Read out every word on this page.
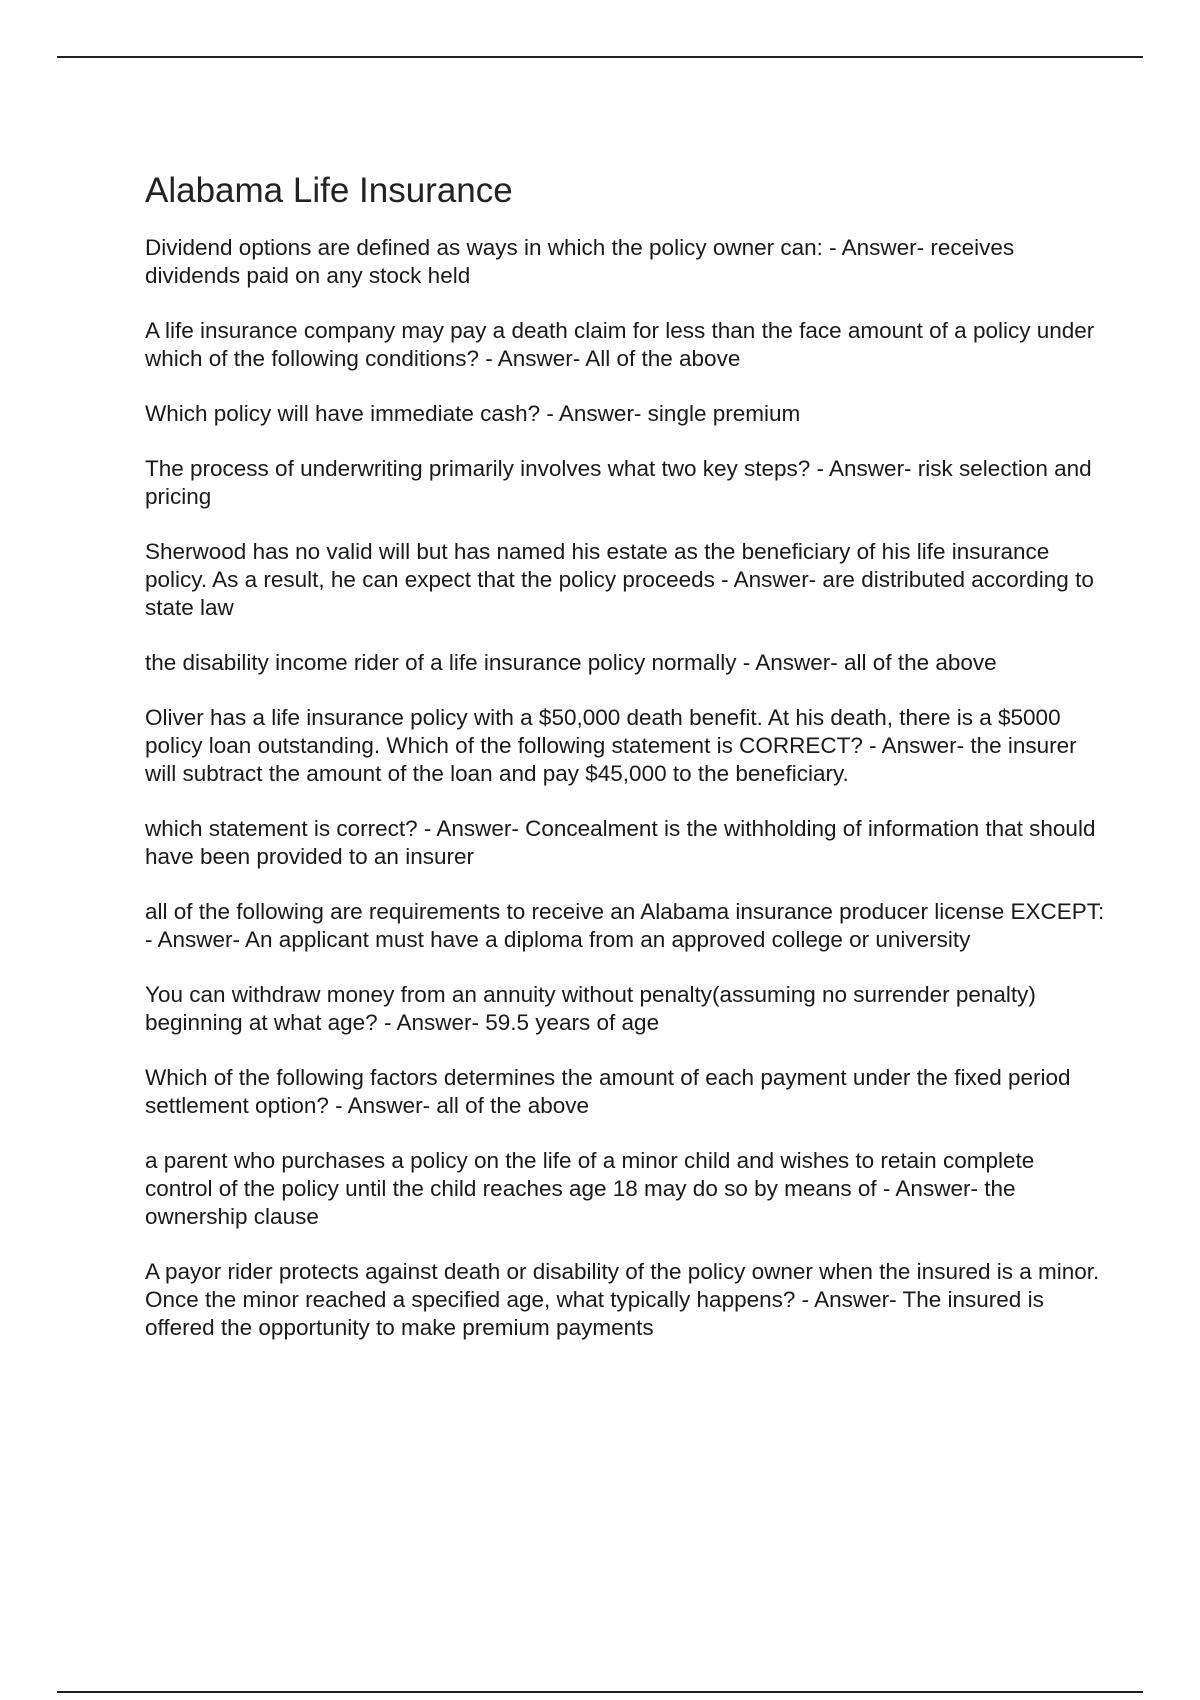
Alabama Life Insurance
Dividend options are defined as ways in which the policy owner can: - Answer- receives dividends paid on any stock held
A life insurance company may pay a death claim for less than the face amount of a policy under which of the following conditions? - Answer- All of the above
Which policy will have immediate cash? - Answer- single premium
The process of underwriting primarily involves what two key steps? - Answer- risk selection and pricing
Sherwood has no valid will but has named his estate as the beneficiary of his life insurance policy. As a result, he can expect that the policy proceeds - Answer- are distributed according to state law
the disability income rider of a life insurance policy normally - Answer- all of the above
Oliver has a life insurance policy with a $50,000 death benefit. At his death, there is a $5000 policy loan outstanding. Which of the following statement is CORRECT? - Answer- the insurer will subtract the amount of the loan and pay $45,000 to the beneficiary.
which statement is correct? - Answer- Concealment is the withholding of information that should have been provided to an insurer
all of the following are requirements to receive an Alabama insurance producer license EXCEPT: - Answer- An applicant must have a diploma from an approved college or university
You can withdraw money from an annuity without penalty(assuming no surrender penalty) beginning at what age? - Answer- 59.5 years of age
Which of the following factors determines the amount of each payment under the fixed period settlement option? - Answer- all of the above
a parent who purchases a policy on the life of a minor child and wishes to retain complete control of the policy until the child reaches age 18 may do so by means of - Answer- the ownership clause
A payor rider protects against death or disability of the policy owner when the insured is a minor. Once the minor reached a specified age, what typically happens? - Answer- The insured is offered the opportunity to make premium payments
